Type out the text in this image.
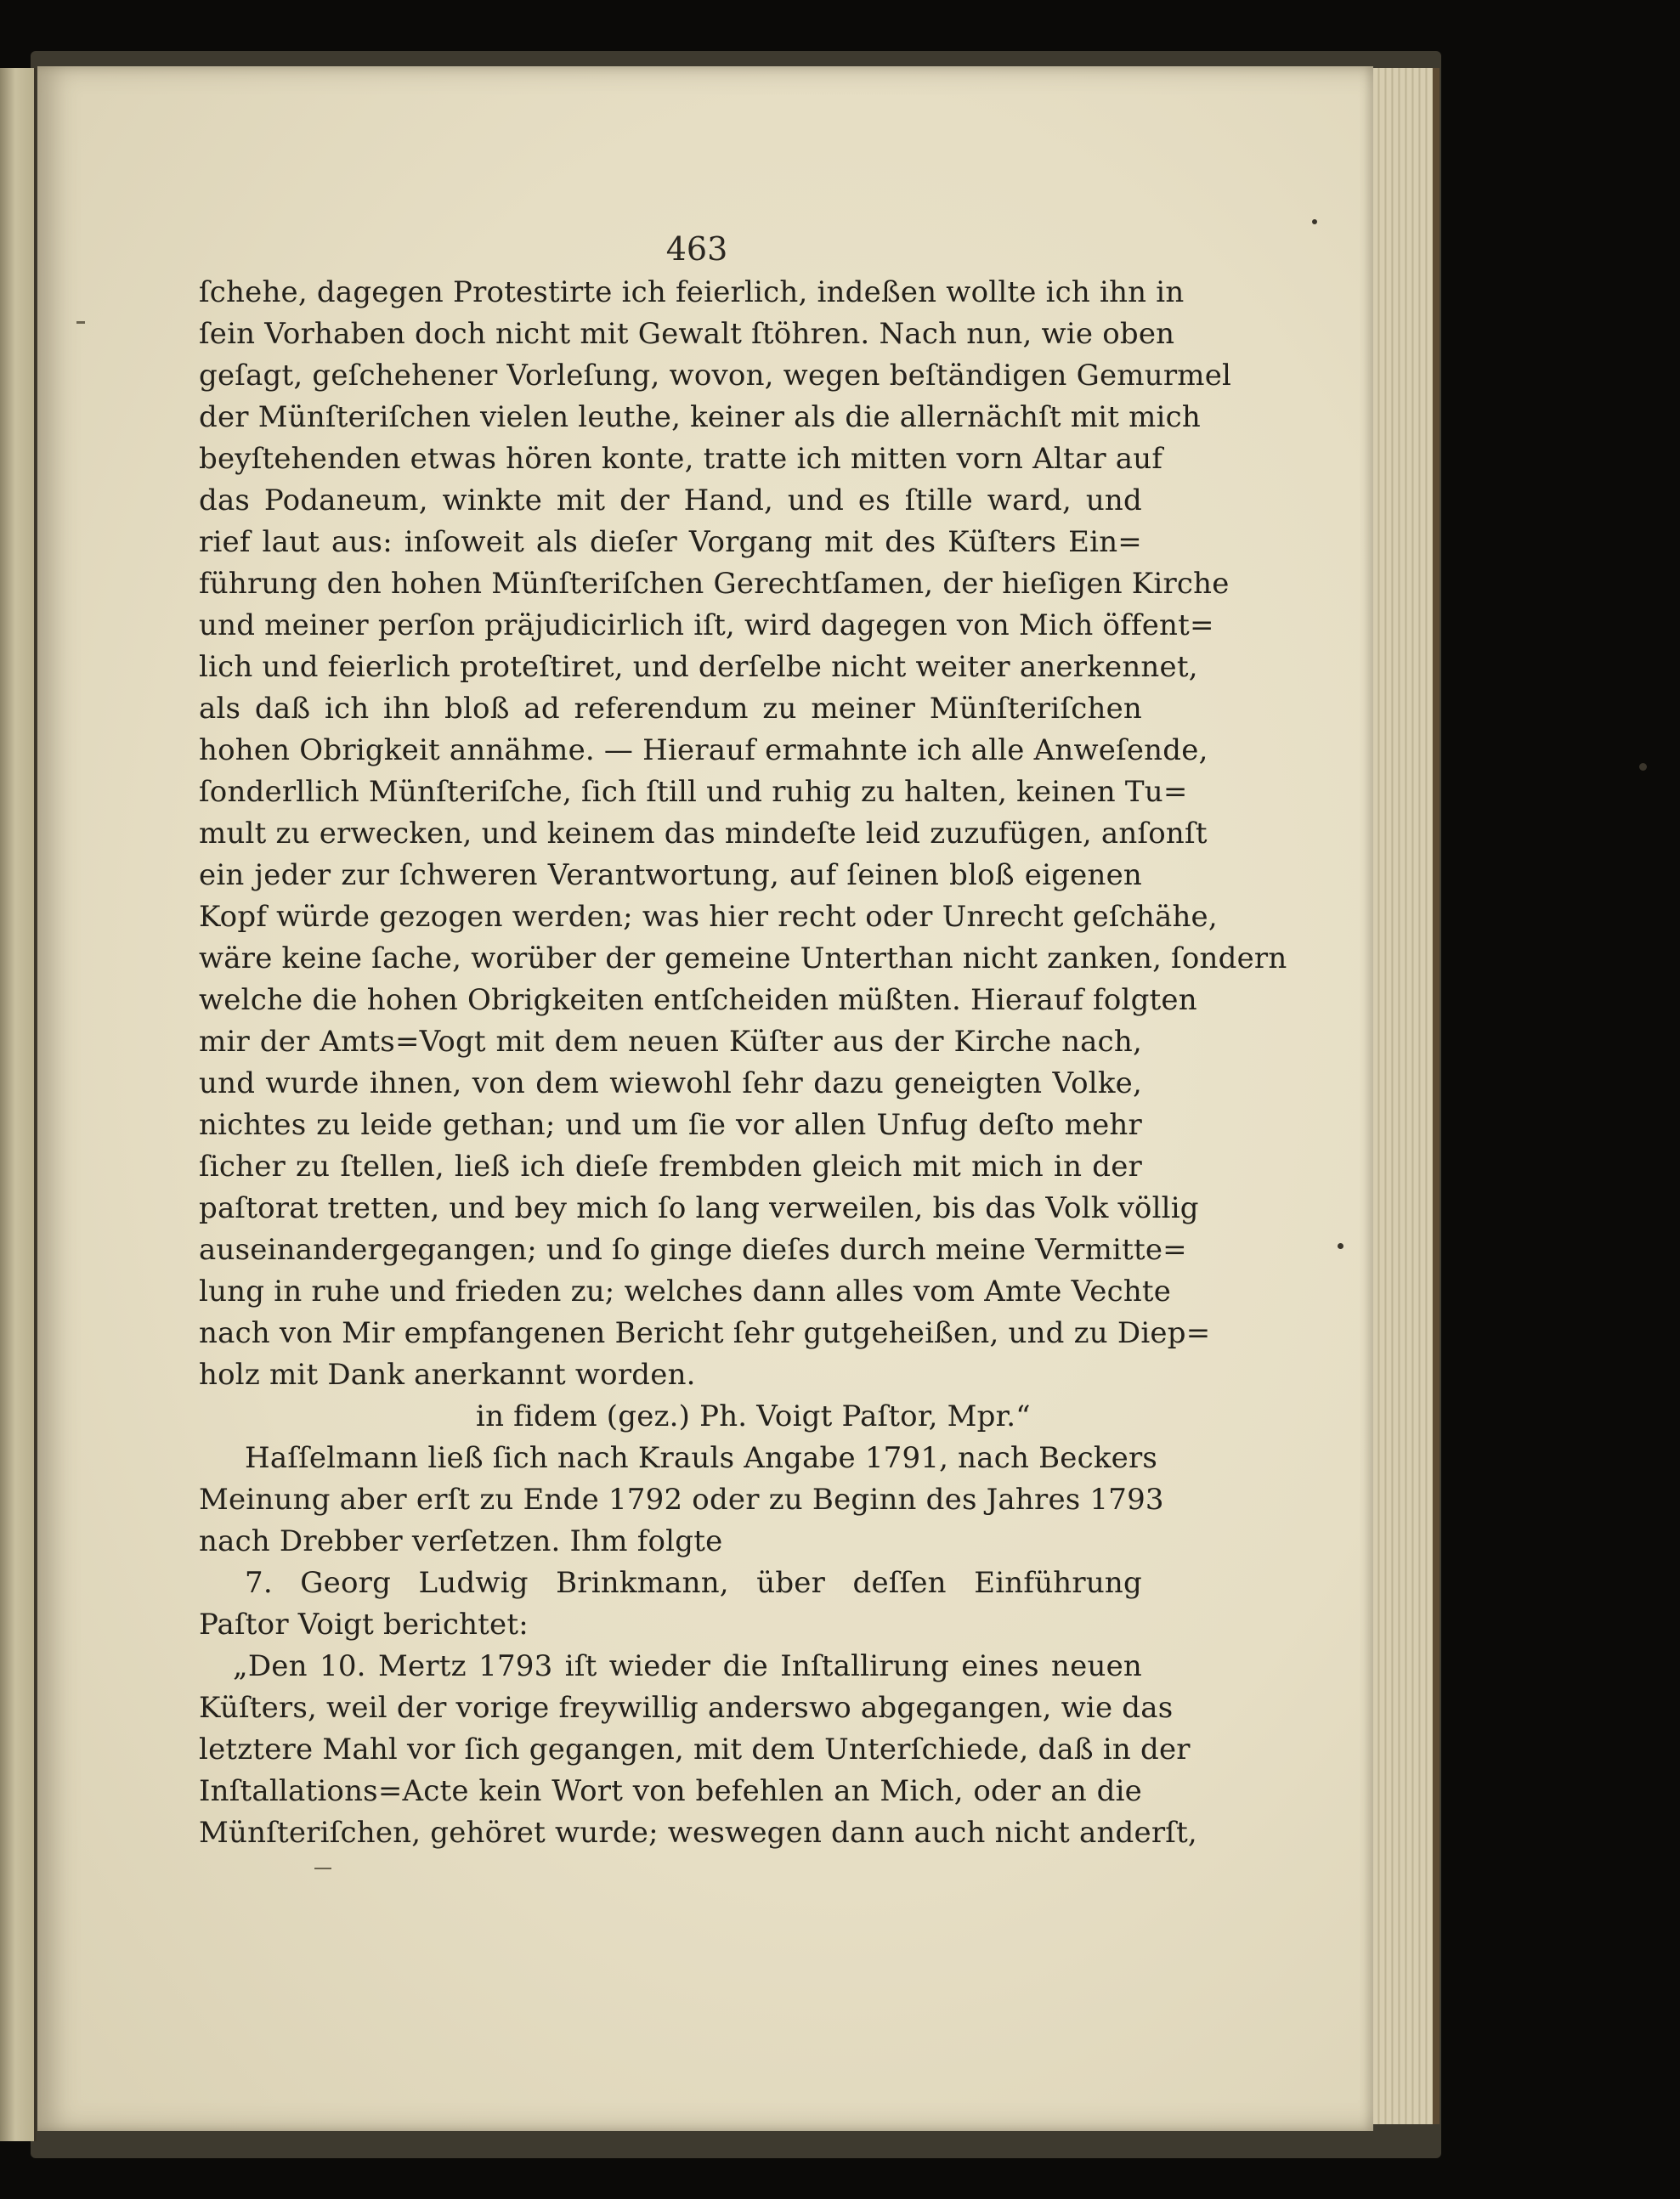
463
ſchehe, dagegen Protestirte ich feierlich, indeßen wollte ich ihn in
ſein Vorhaben doch nicht mit Gewalt ſtöhren. Nach nun, wie oben
geſagt, geſchehener Vorleſung, wovon, wegen beſtändigen Gemurmel
der Münſteriſchen vielen leuthe, keiner als die allernächſt mit mich
beyſtehenden etwas hören konte, tratte ich mitten vorn Altar auf
das Podaneum, winkte mit der Hand, und es ſtille ward, und
rief laut aus: inſoweit als dieſer Vorgang mit des Küſters Ein=
führung den hohen Münſteriſchen Gerechtſamen, der hieſigen Kirche
und meiner perſon präjudicirlich iſt, wird dagegen von Mich öffent=
lich und feierlich proteſtiret, und derſelbe nicht weiter anerkennet,
als daß ich ihn bloß ad referendum zu meiner Münſteriſchen
hohen Obrigkeit annähme. — Hierauf ermahnte ich alle Anweſende,
ſonderllich Münſteriſche, ſich ſtill und ruhig zu halten, keinen Tu=
mult zu erwecken, und keinem das mindeſte leid zuzufügen, anſonſt
ein jeder zur ſchweren Verantwortung, auf ſeinen bloß eigenen
Kopf würde gezogen werden; was hier recht oder Unrecht geſchähe,
wäre keine ſache, worüber der gemeine Unterthan nicht zanken, ſondern
welche die hohen Obrigkeiten entſcheiden müßten. Hierauf folgten
mir der Amts=Vogt mit dem neuen Küſter aus der Kirche nach,
und wurde ihnen, von dem wiewohl ſehr dazu geneigten Volke,
nichtes zu leide gethan; und um ſie vor allen Unfug deſto mehr
ſicher zu ſtellen, ließ ich dieſe frembden gleich mit mich in der
paſtorat tretten, und bey mich ſo lang verweilen, bis das Volk völlig
auseinandergegangen; und ſo ginge dieſes durch meine Vermitte=
lung in ruhe und frieden zu; welches dann alles vom Amte Vechte
nach von Mir empfangenen Bericht ſehr gutgeheißen, und zu Diep=
holz mit Dank anerkannt worden.
in fidem (gez.) Ph. Voigt Paſtor, Mpr.“
Haſſelmann ließ ſich nach Krauls Angabe 1791, nach Beckers
Meinung aber erſt zu Ende 1792 oder zu Beginn des Jahres 1793
nach Drebber verſetzen. Ihm folgte
7. Georg Ludwig Brinkmann, über deſſen Einführung
Paſtor Voigt berichtet:
„Den 10. Mertz 1793 iſt wieder die Inſtallirung eines neuen
Küſters, weil der vorige freywillig anderswo abgegangen, wie das
letztere Mahl vor ſich gegangen, mit dem Unterſchiede, daß in der
Inſtallations=Acte kein Wort von befehlen an Mich, oder an die
Münſteriſchen, gehöret wurde; weswegen dann auch nicht anderſt,
